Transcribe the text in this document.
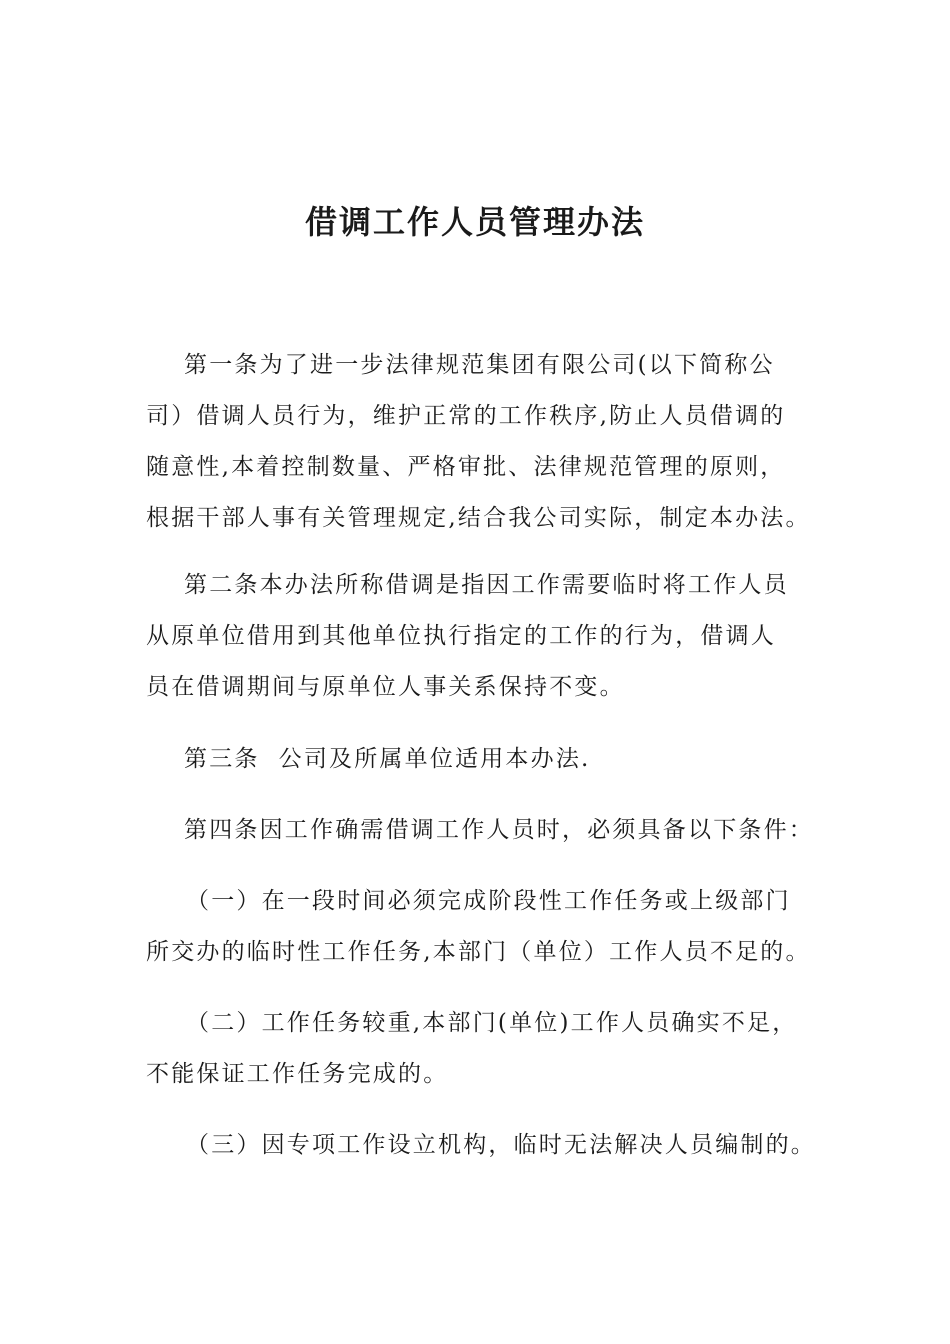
借调工作人员管理办法
第一条为了进一步法律规范集团有限公司(以下简称公
司）借调人员行为，维护正常的工作秩序,防止人员借调的
随意性,本着控制数量、严格审批、法律规范管理的原则，
根据干部人事有关管理规定,结合我公司实际，制定本办法。
第二条本办法所称借调是指因工作需要临时将工作人员
从原单位借用到其他单位执行指定的工作的行为，借调人
员在借调期间与原单位人事关系保持不变。
第三条  公司及所属单位适用本办法.
第四条因工作确需借调工作人员时，必须具备以下条件：
（一）在一段时间必须完成阶段性工作任务或上级部门
所交办的临时性工作任务,本部门（单位）工作人员不足的。
（二）工作任务较重,本部门(单位)工作人员确实不足，
不能保证工作任务完成的。
（三）因专项工作设立机构，临时无法解决人员编制的。
